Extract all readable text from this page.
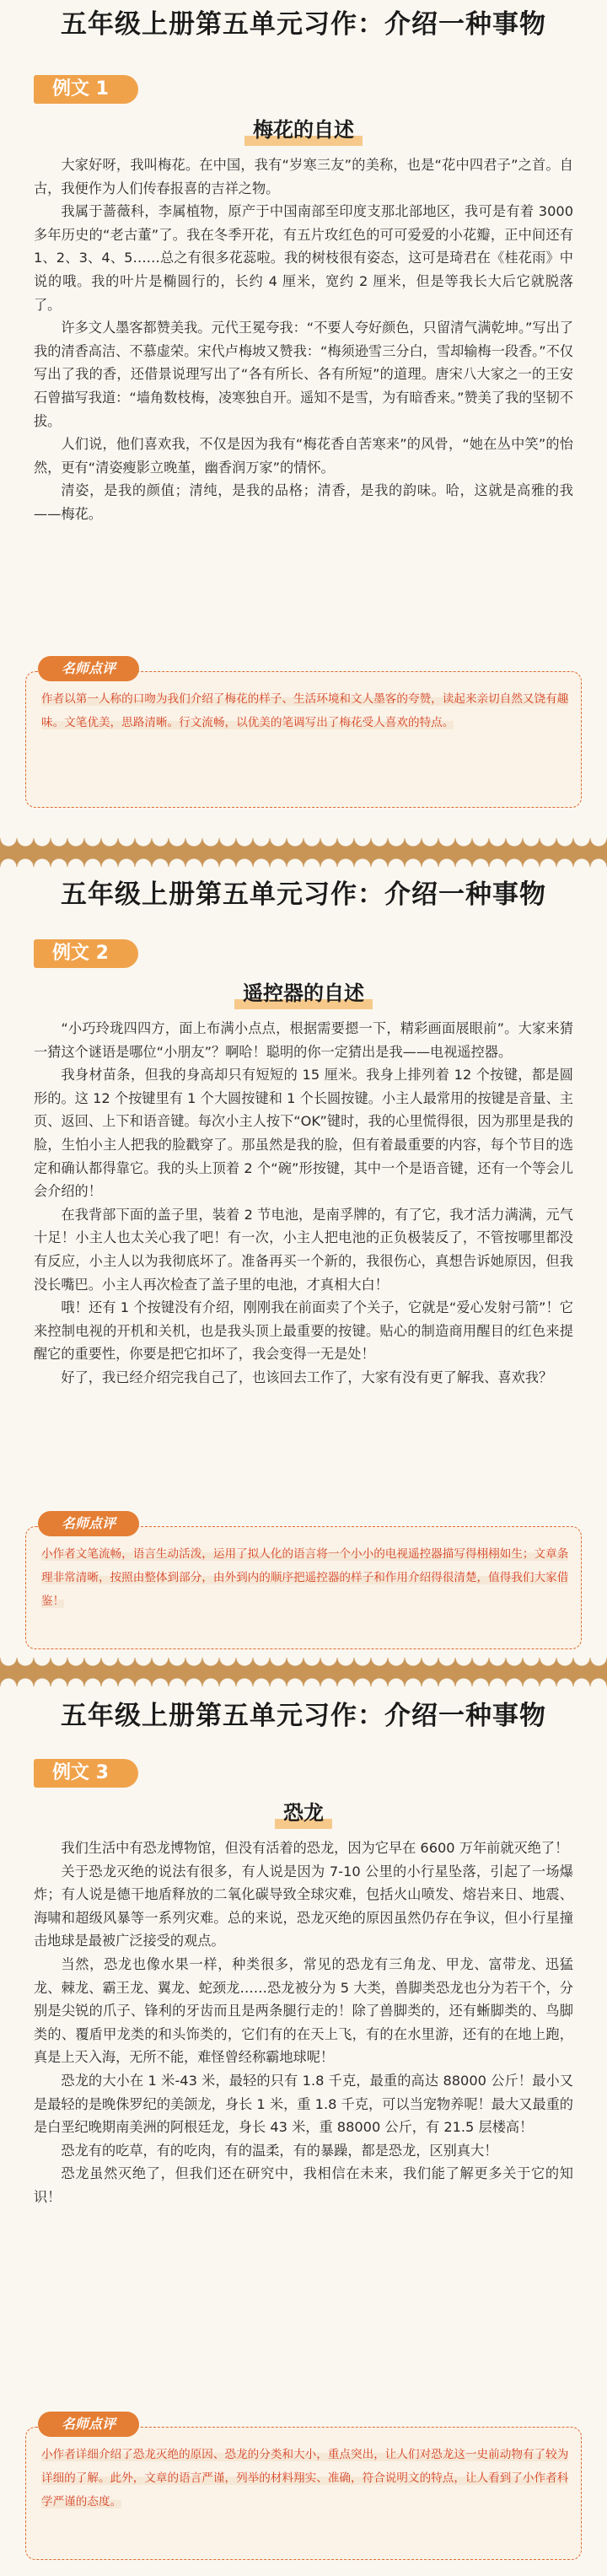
五年级上册第五单元习作：介绍一种事物
例文 1
梅花的自述

大家好呀，我叫梅花。在中国，我有“岁寒三友”的美称，也是“花中四君子”之首。自古，我便作为人们传春报喜的吉祥之物。

我属于蔷薇科，李属植物，原产于中国南部至印度支那北部地区，我可是有着 3000 多年历史的“老古董”了。我在冬季开花，有五片玫红色的可可爱爱的小花瓣，正中间还有 1、2、3、4、5……总之有很多花蕊啦。我的树枝很有姿态，这可是琦君在《桂花雨》中说的哦。我的叶片是椭圆行的，长约 4 厘米，宽约 2 厘米，但是等我长大后它就脱落了。

许多文人墨客都赞美我。元代王冕夸我：“不要人夸好颜色，只留清气满乾坤。”写出了我的清香高洁、不慕虚荣。宋代卢梅坡又赞我：“梅须逊雪三分白，雪却输梅一段香。”不仅写出了我的香，还借景说理写出了“各有所长、各有所短”的道理。唐宋八大家之一的王安石曾描写我道：“墙角数枝梅，凌寒独自开。遥知不是雪，为有暗香来。”赞美了我的坚韧不拔。

人们说，他们喜欢我，不仅是因为我有“梅花香自苦寒来”的风骨，“她在丛中笑”的怡然，更有“清姿瘦影立晚堇，幽香润万家”的情怀。

清姿，是我的颜值；清纯，是我的品格；清香，是我的韵味。哈，这就是高雅的我——梅花。

名师点评
作者以第一人称的口吻为我们介绍了梅花的样子、生活环境和文人墨客的夸赞，读起来亲切自然又饶有趣味。文笔优美，思路清晰。行文流畅，以优美的笔调写出了梅花受人喜欢的特点。
五年级上册第五单元习作：介绍一种事物
例文 2
遥控器的自述

“小巧玲珑四四方，面上布满小点点，根据需要摁一下，精彩画面展眼前”。大家来猜一猜这个谜语是哪位“小朋友”？啊哈！聪明的你一定猜出是我——电视遥控器。

我身材苗条，但我的身高却只有短短的 15 厘米。我身上排列着 12 个按键，都是圆形的。这 12 个按键里有 1 个大圆按键和 1 个长圆按键。小主人最常用的按键是音量、主页、返回、上下和语音键。每次小主人按下“OK”键时，我的心里慌得很，因为那里是我的脸，生怕小主人把我的脸戳穿了。那虽然是我的脸，但有着最重要的内容，每个节目的选定和确认都得靠它。我的头上顶着 2 个“碗”形按键，其中一个是语音键，还有一个等会儿会介绍的！

在我背部下面的盖子里，装着 2 节电池，是南孚牌的，有了它，我才活力满满，元气十足！小主人也太关心我了吧！有一次，小主人把电池的正负极装反了，不管按哪里都没有反应，小主人以为我彻底坏了。准备再买一个新的，我很伤心，真想告诉她原因，但我没长嘴巴。小主人再次检查了盖子里的电池，才真相大白！

哦！还有 1 个按键没有介绍，刚刚我在前面卖了个关子，它就是“爱心发射弓箭”！它来控制电视的开机和关机，也是我头顶上最重要的按键。贴心的制造商用醒目的红色来提醒它的重要性，你要是把它扣坏了，我会变得一无是处！

好了，我已经介绍完我自己了，也该回去工作了，大家有没有更了解我、喜欢我？

名师点评
小作者文笔流畅，语言生动活泼，运用了拟人化的语言将一个小小的电视遥控器描写得栩栩如生；文章条理非常清晰，按照由整体到部分，由外到内的顺序把遥控器的样子和作用介绍得很清楚，值得我们大家借鉴！
五年级上册第五单元习作：介绍一种事物
例文 3
恐龙

我们生活中有恐龙博物馆，但没有活着的恐龙，因为它早在 6600 万年前就灭绝了！

关于恐龙灭绝的说法有很多，有人说是因为 7-10 公里的小行星坠落，引起了一场爆炸；有人说是德干地盾释放的二氧化碳导致全球灾难，包括火山喷发、熔岩来日、地震、海啸和超级风暴等一系列灾难。总的来说，恐龙灭绝的原因虽然仍存在争议，但小行星撞击地球是最被广泛接受的观点。

当然，恐龙也像水果一样，种类很多，常见的恐龙有三角龙、甲龙、富带龙、迅猛龙、棘龙、霸王龙、翼龙、蛇颈龙……恐龙被分为 5 大类，兽脚类恐龙也分为若干个，分别是尖锐的爪子、锋利的牙齿而且是两条腿行走的！除了兽脚类的，还有蜥脚类的、鸟脚类的、覆盾甲龙类的和头饰类的，它们有的在天上飞，有的在水里游，还有的在地上跑，真是上天入海，无所不能，难怪曾经称霸地球呢！

恐龙的大小在 1 米-43 米，最轻的只有 1.8 千克，最重的高达 88000 公斤！最小又是最轻的是晚侏罗纪的美颌龙，身长 1 米，重 1.8 千克，可以当宠物养呢！最大又最重的是白垩纪晚期南美洲的阿根廷龙，身长 43 米，重 88000 公斤，有 21.5 层楼高！

恐龙有的吃草，有的吃肉，有的温柔，有的暴躁，都是恐龙，区别真大！

恐龙虽然灭绝了，但我们还在研究中，我相信在未来，我们能了解更多关于它的知识！

名师点评
小作者详细介绍了恐龙灭绝的原因、恐龙的分类和大小，重点突出，让人们对恐龙这一史前动物有了较为详细的了解。此外，文章的语言严谨，列举的材料翔实、准确，符合说明文的特点，让人看到了小作者科学严谨的态度。
